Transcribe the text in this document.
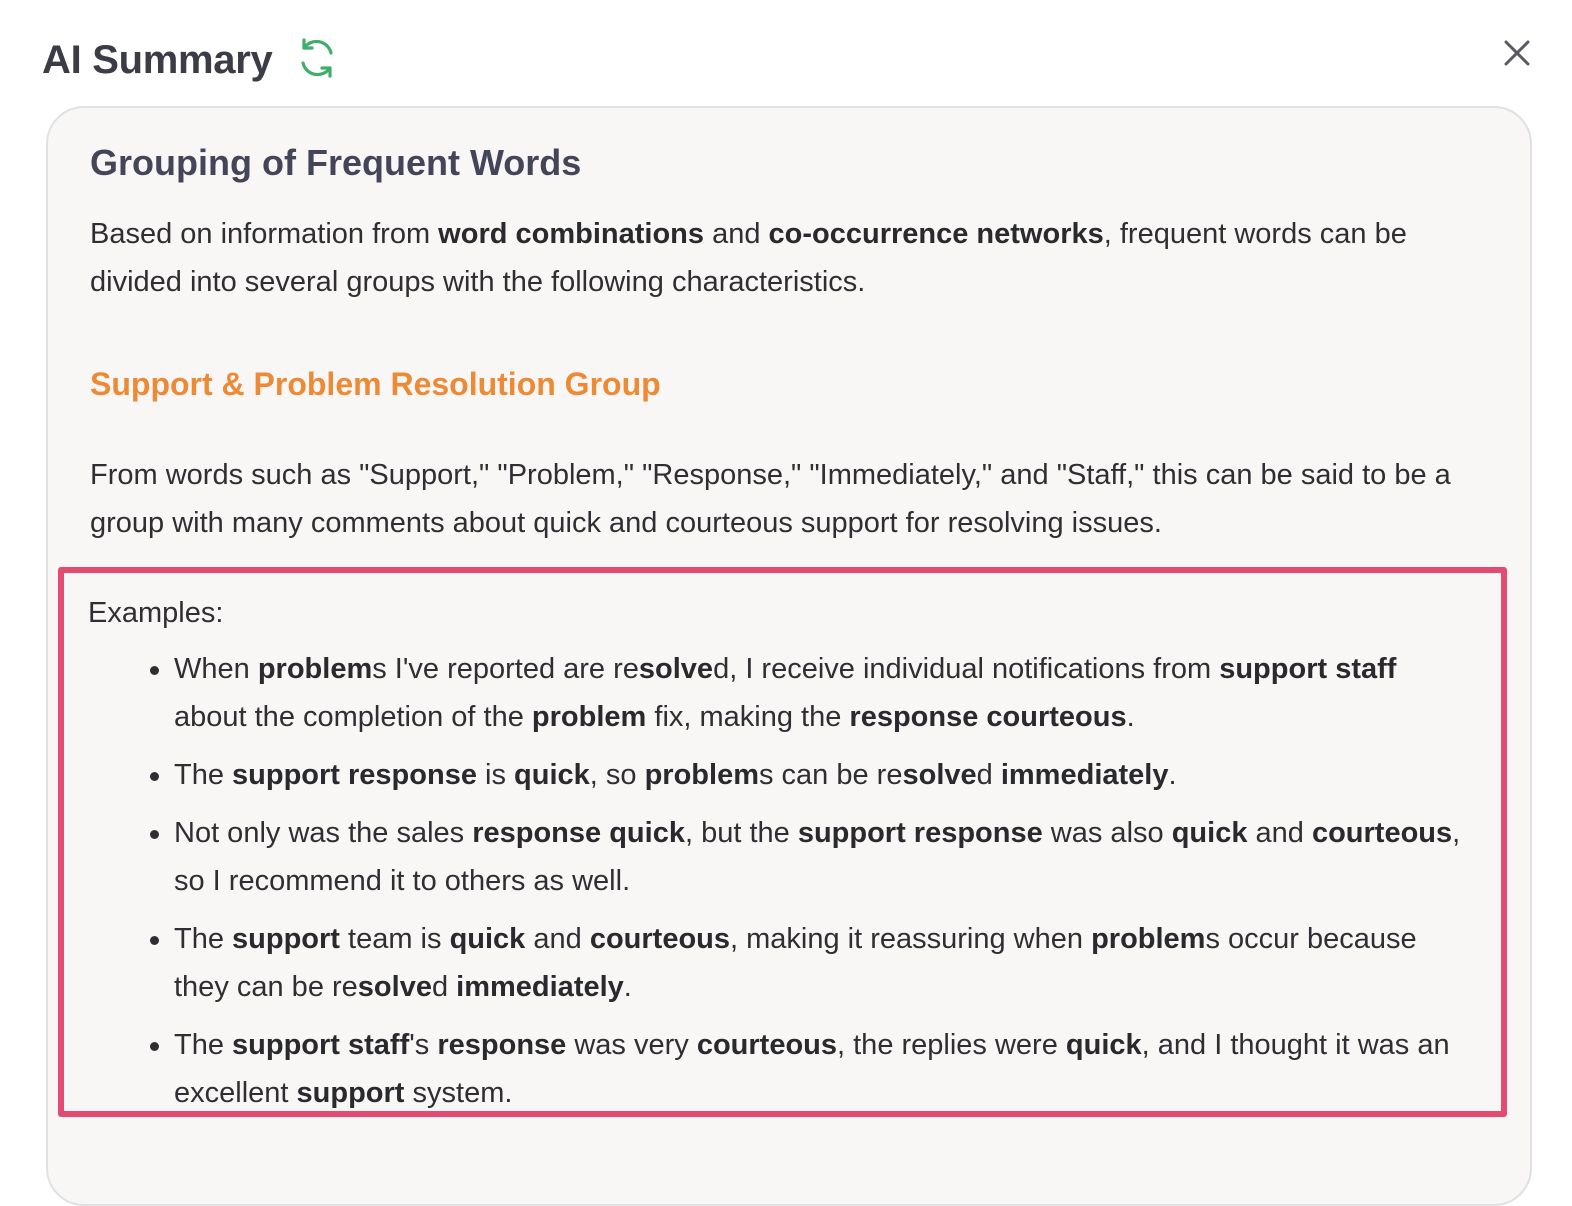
AI Summary
Grouping of Frequent Words

Based on information from word combinations and co-occurrence networks, frequent words can be divided into several groups with the following characteristics.

Support & Problem Resolution Group

From words such as "Support," "Problem," "Response," "Immediately," and "Staff," this can be said to be a group with many comments about quick and courteous support for resolving issues.

Examples:
When problems I've reported are resolved, I receive individual notifications from support staff about the completion of the problem fix, making the response courteous.
The support response is quick, so problems can be resolved immediately.
Not only was the sales response quick, but the support response was also quick and courteous, so I recommend it to others as well.
The support team is quick and courteous, making it reassuring when problems occur because they can be resolved immediately.
The support staff's response was very courteous, the replies were quick, and I thought it was an excellent support system.
